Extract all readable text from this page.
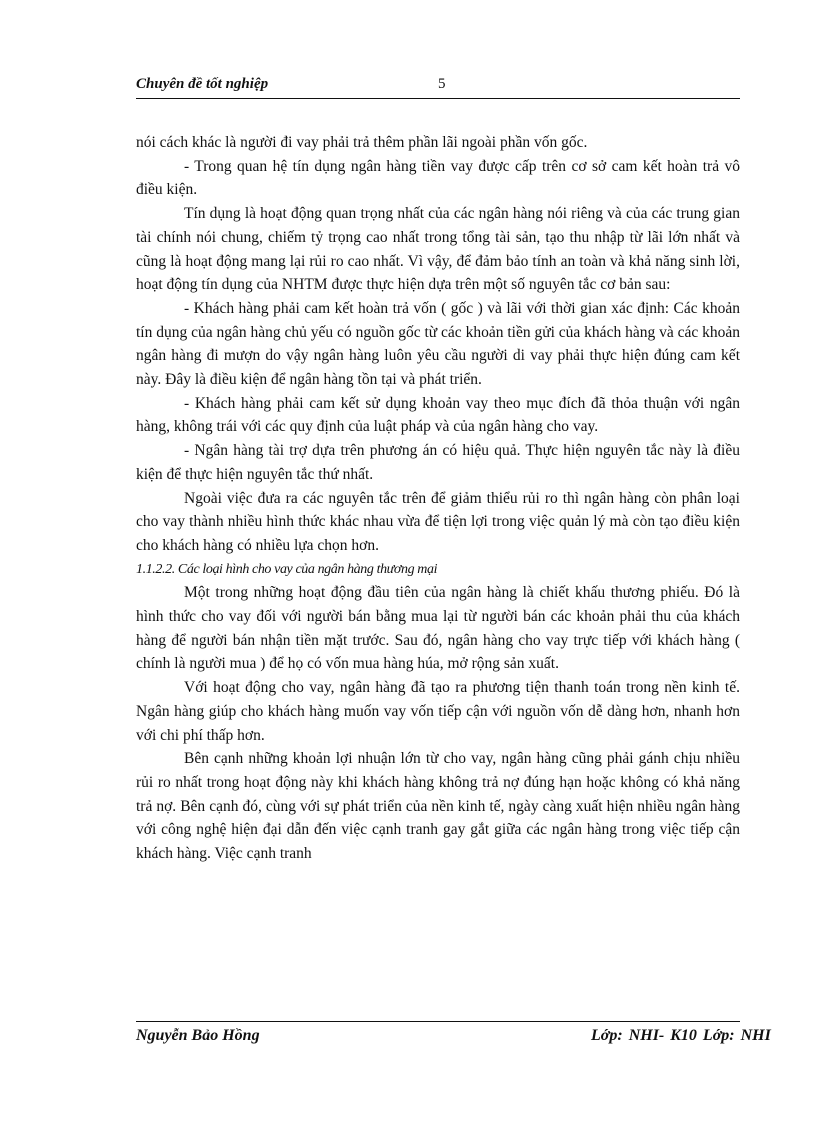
Chuyên đề tốt nghiệp	5

nói cách khác là người đi vay phải trả thêm phần lãi ngoài phần vốn gốc.

- Trong quan hệ tín dụng ngân hàng tiền vay được cấp trên cơ sở cam kết hoàn trả vô điều kiện.

Tín dụng là hoạt động quan trọng nhất của các ngân hàng nói riêng và của các trung gian tài chính nói chung, chiếm tỷ trọng cao nhất trong tổng tài sản, tạo thu nhập từ lãi lớn nhất và cũng là hoạt động mang lại rủi ro cao nhất. Vì vậy, để đảm bảo tính an toàn và khả năng sinh lời, hoạt động tín dụng của NHTM được thực hiện dựa trên một số nguyên tắc cơ bản sau:

- Khách hàng phải cam kết hoàn trả vốn ( gốc ) và lãi với thời gian xác định: Các khoản tín dụng của ngân hàng chủ yếu có nguồn gốc từ các khoản tiền gửi của khách hàng và các khoản ngân hàng đi mượn do vậy ngân hàng luôn yêu cầu người di vay phải thực hiện đúng cam kết này. Đây là điều kiện để ngân hàng tồn tại và phát triển.

- Khách hàng phải cam kết sử dụng khoản vay theo mục đích đã thỏa thuận với ngân hàng, không trái với các quy định của luật pháp và của ngân hàng cho vay.

- Ngân hàng tài trợ dựa trên phương án có hiệu quả. Thực hiện nguyên tắc này là điều kiện để thực hiện nguyên tắc thứ nhất.

Ngoài việc đưa ra các nguyên tắc trên để giảm thiểu rủi ro thì ngân hàng còn phân loại cho vay thành nhiều hình thức khác nhau vừa để tiện lợi trong việc quản lý mà còn tạo điều kiện cho khách hàng có nhiều lựa chọn hơn.

1.1.2.2. Các loại hình cho vay của ngân hàng thương mại

Một trong những hoạt động đầu tiên của ngân hàng là chiết khấu thương phiếu. Đó là hình thức cho vay đối với người bán bằng mua lại từ người bán các khoản phải thu của khách hàng để người bán nhận tiền mặt trước. Sau đó, ngân hàng cho vay trực tiếp với khách hàng ( chính là người mua ) để họ có vốn mua hàng húa, mở rộng sản xuất.

Với hoạt động cho vay, ngân hàng đã tạo ra phương tiện thanh toán trong nền kinh tế. Ngân hàng giúp cho khách hàng muốn vay vốn tiếp cận với nguồn vốn dễ dàng hơn, nhanh hơn với chi phí thấp hơn.

Bên cạnh những khoản lợi nhuận lớn từ cho vay, ngân hàng cũng phải gánh chịu nhiều rủi ro nhất trong hoạt động này khi khách hàng không trả nợ đúng hạn hoặc không có khả năng trả nợ. Bên cạnh đó, cùng với sự phát triển của nền kinh tế, ngày càng xuất hiện nhiều ngân hàng với công nghệ hiện đại dẫn đến việc cạnh tranh gay gắt giữa các ngân hàng trong việc tiếp cận khách hàng. Việc cạnh tranh

Nguyễn Bảo Hồng	Lớp: NHI- K10 Lớp: NHI
